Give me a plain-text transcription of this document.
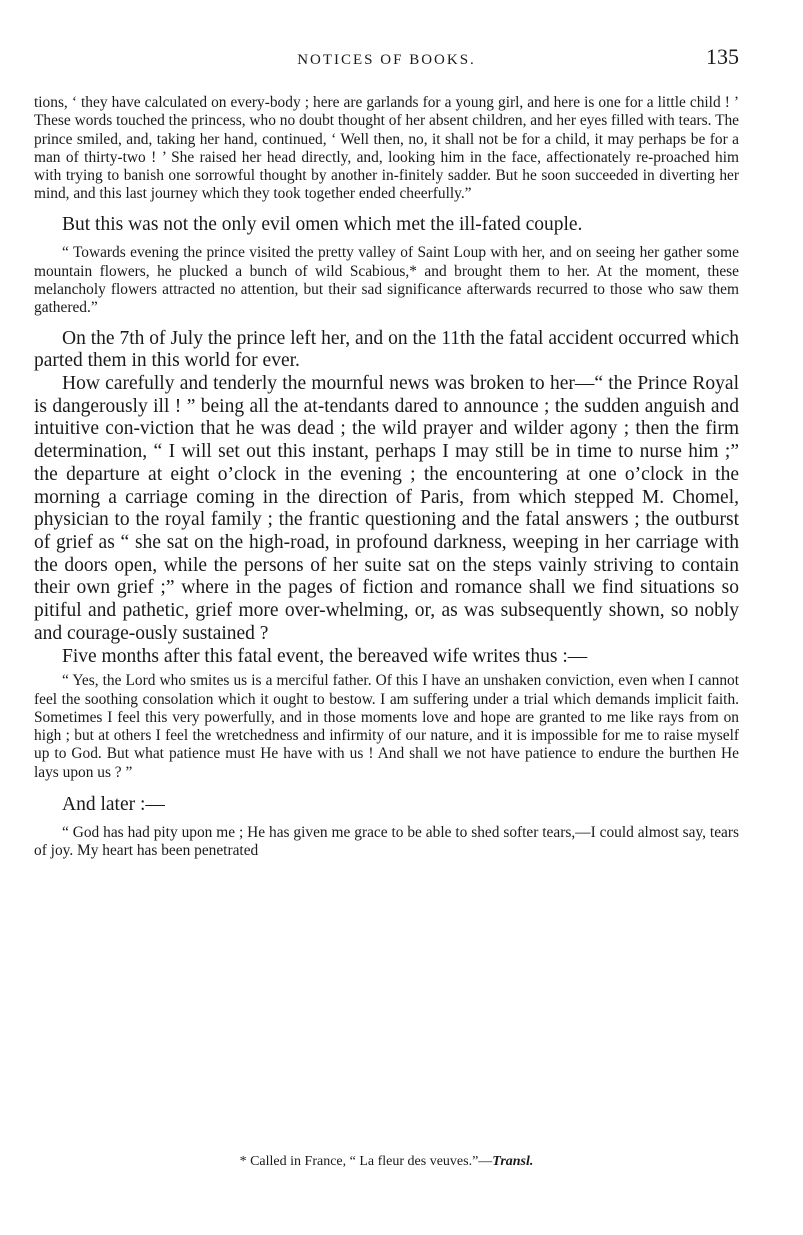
NOTICES OF BOOKS.	135

tions, ‘ they have calculated on every-body ; here are garlands for a young girl, and here is one for a little child ! ’ These words touched the princess, who no doubt thought of her absent children, and her eyes filled with tears. The prince smiled, and, taking her hand, continued, ‘ Well then, no, it shall not be for a child, it may perhaps be for a man of thirty-two ! ’ She raised her head directly, and, looking him in the face, affectionately re-proached him with trying to banish one sorrowful thought by another in-finitely sadder. But he soon succeeded in diverting her mind, and this last journey which they took together ended cheerfully.”

But this was not the only evil omen which met the ill-fated couple.

“ Towards evening the prince visited the pretty valley of Saint Loup with her, and on seeing her gather some mountain flowers, he plucked a bunch of wild Scabious,* and brought them to her. At the moment, these melancholy flowers attracted no attention, but their sad significance afterwards recurred to those who saw them gathered.”

On the 7th of July the prince left her, and on the 11th the fatal accident occurred which parted them in this world for ever.

How carefully and tenderly the mournful news was broken to her—“ the Prince Royal is dangerously ill ! ” being all the at-tendants dared to announce ; the sudden anguish and intuitive con-viction that he was dead ; the wild prayer and wilder agony ; then the firm determination, “ I will set out this instant, perhaps I may still be in time to nurse him ;” the departure at eight o’clock in the evening ; the encountering at one o’clock in the morning a carriage coming in the direction of Paris, from which stepped M. Chomel, physician to the royal family ; the frantic questioning and the fatal answers ; the outburst of grief as “ she sat on the high-road, in profound darkness, weeping in her carriage with the doors open, while the persons of her suite sat on the steps vainly striving to contain their own grief ;” where in the pages of fiction and romance shall we find situations so pitiful and pathetic, grief more over-whelming, or, as was subsequently shown, so nobly and courage-ously sustained ?

Five months after this fatal event, the bereaved wife writes thus :—

“ Yes, the Lord who smites us is a merciful father. Of this I have an unshaken conviction, even when I cannot feel the soothing consolation which it ought to bestow. I am suffering under a trial which demands implicit faith. Sometimes I feel this very powerfully, and in those moments love and hope are granted to me like rays from on high ; but at others I feel the wretchedness and infirmity of our nature, and it is impossible for me to raise myself up to God. But what patience must He have with us ! And shall we not have patience to endure the burthen He lays upon us ? ”

And later :—

“ God has had pity upon me ; He has given me grace to be able to shed softer tears,—I could almost say, tears of joy. My heart has been penetrated

* Called in France, “ La fleur des veuves.”—Transl.
